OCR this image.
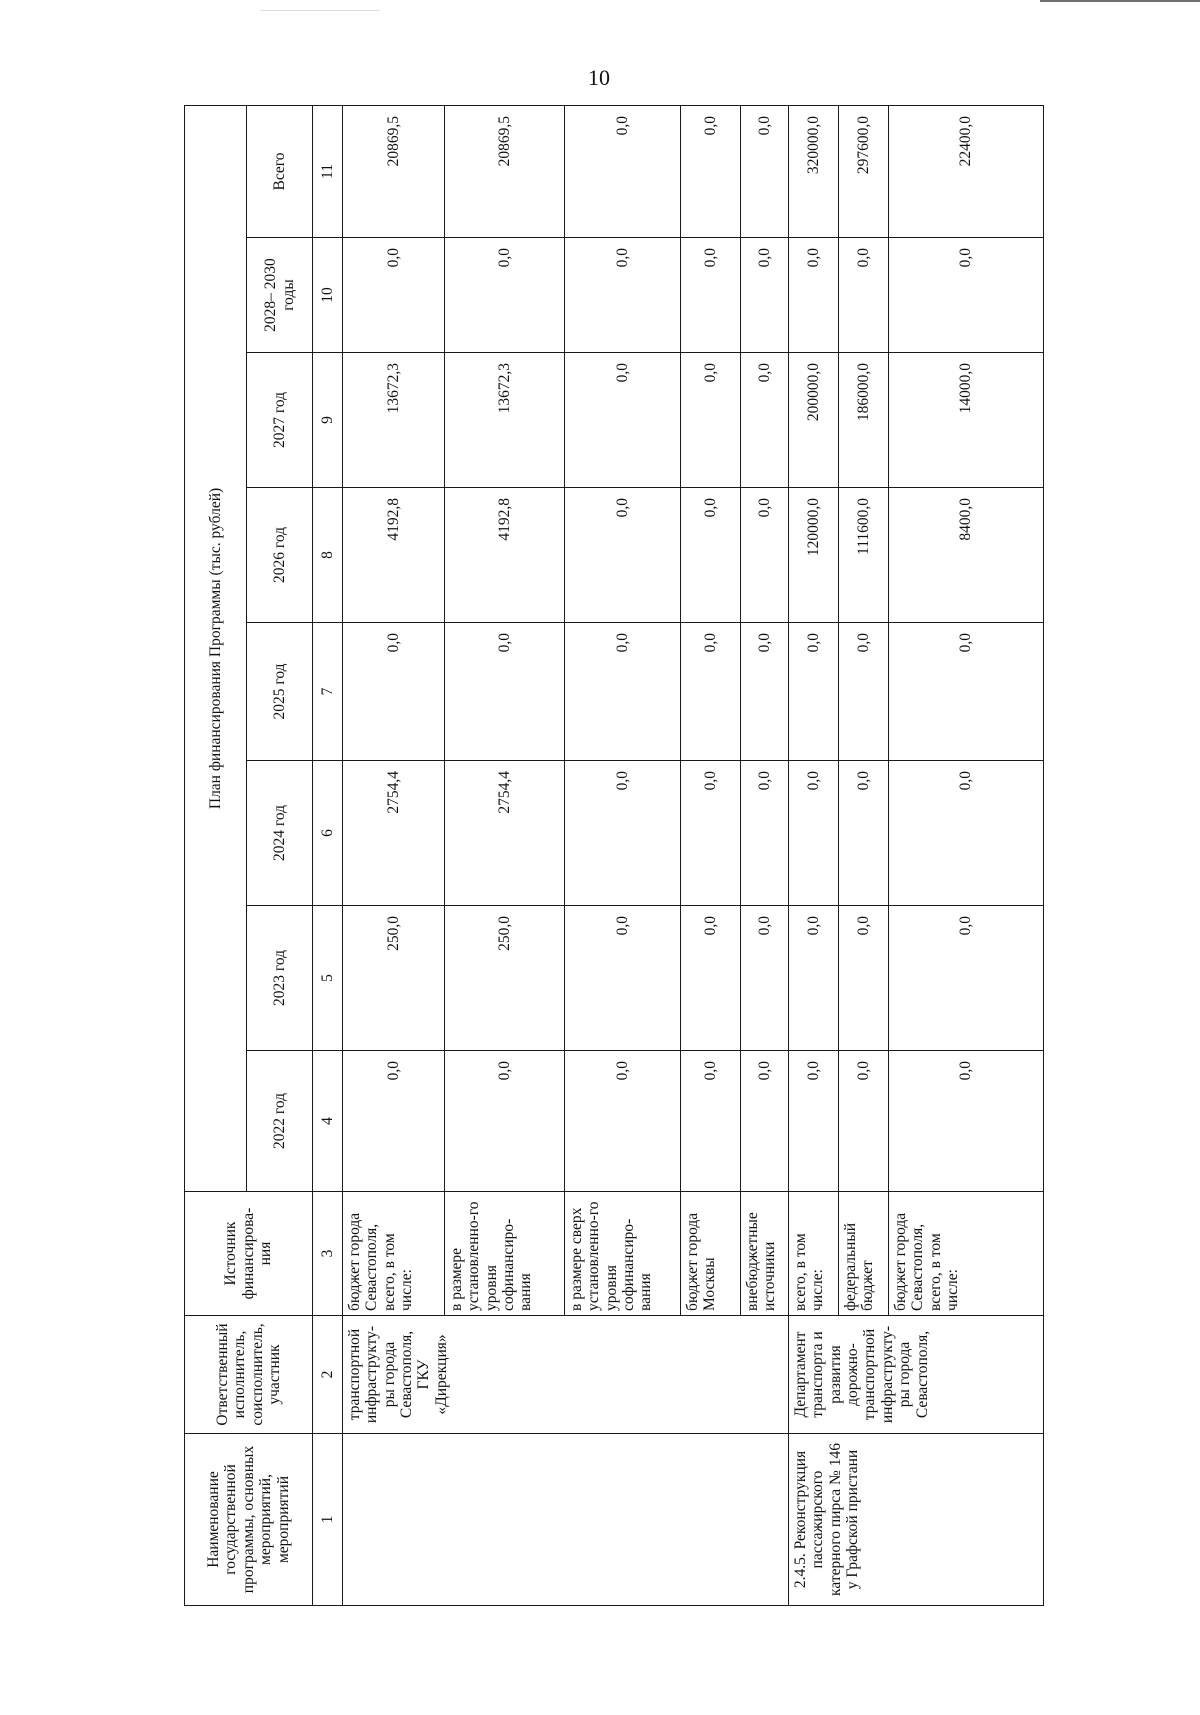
10
Наименование государственной программы, основных мероприятий, мероприятий	Ответственный исполнитель, соисполнитель, участник	Источник финансирова-ния	План финансирования Программы (тыс. рублей)							
			2022 год	2023 год	2024 год	2025 год	2026 год	2027 год	2028– 2030 годы	Всего
1	2	3	4	5	6	7	8	9	10	11
	транспортной инфраструкту-ры города Севастополя, ГКУ «Дирекция»	бюджет города Севастополя, всего, в том числе:	0,0	250,0	2754,4	0,0	4192,8	13672,3	0,0	20869,5
		в размере установленно-го уровня софинансиро-вания	0,0	250,0	2754,4	0,0	4192,8	13672,3	0,0	20869,5
		в размере сверх установленно-го уровня софинансиро-вания	0,0	0,0	0,0	0,0	0,0	0,0	0,0	0,0
		бюджет города Москвы	0,0	0,0	0,0	0,0	0,0	0,0	0,0	0,0
		внебюджетные источники	0,0	0,0	0,0	0,0	0,0	0,0	0,0	0,0
2.4.5. Реконструкция пассажирского катерного пирса № 146 у Графской пристани	Департамент транспорта и развития дорожно-транспортной инфраструкту-ры города Севастополя,	всего, в том числе:	0,0	0,0	0,0	0,0	120000,0	200000,0	0,0	320000,0
		федеральный бюджет	0,0	0,0	0,0	0,0	111600,0	186000,0	0,0	297600,0
		бюджет города Севастополя, всего, в том числе:	0,0	0,0	0,0	0,0	8400,0	14000,0	0,0	22400,0
